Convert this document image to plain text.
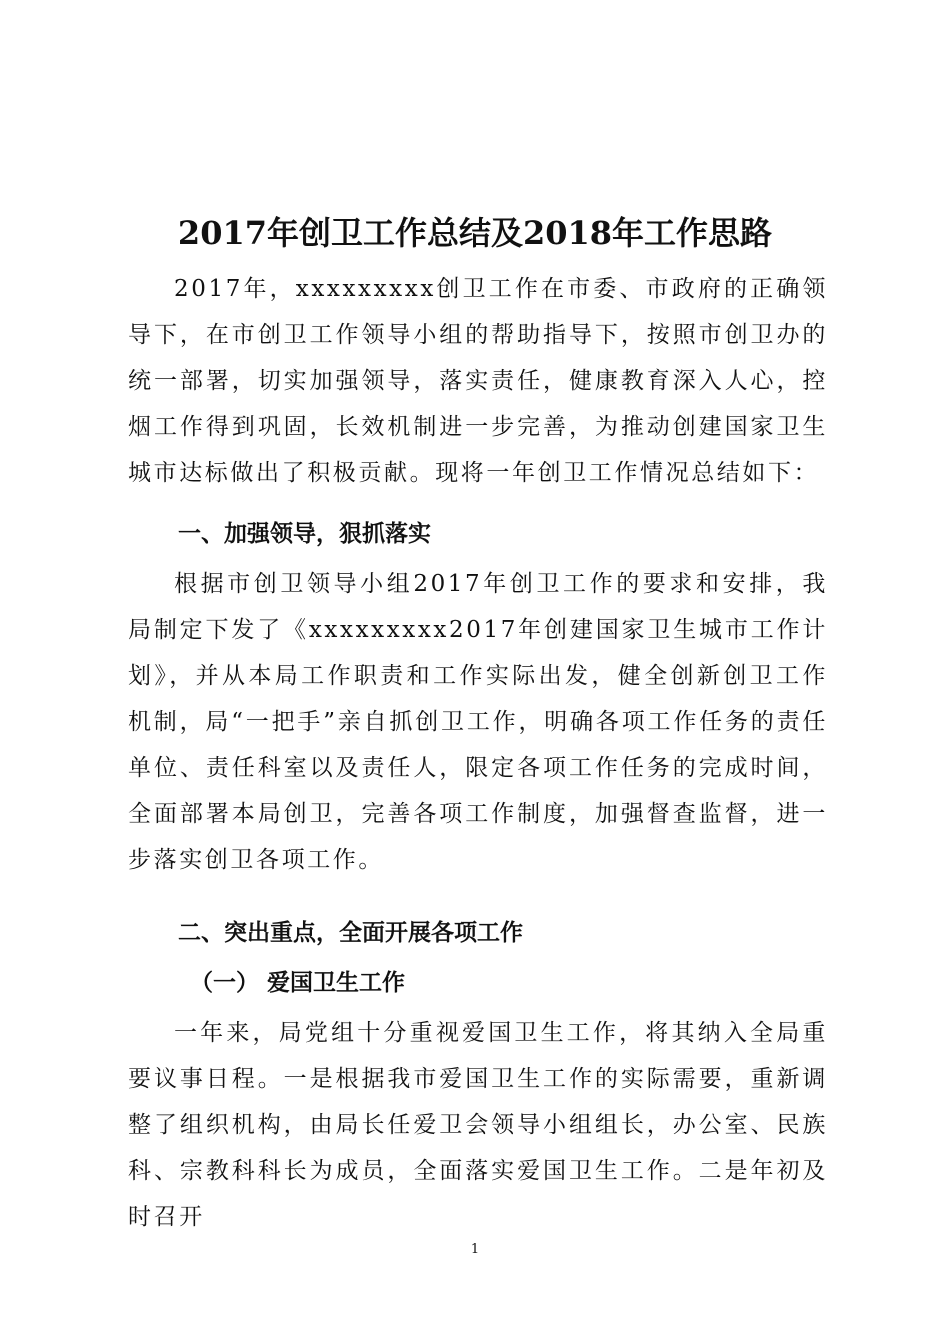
2017年创卫工作总结及2018年工作思路

2017年，xxxxxxxxx创卫工作在市委、市政府的正确领导下，在市创卫工作领导小组的帮助指导下，按照市创卫办的统一部署，切实加强领导，落实责任，健康教育深入人心，控烟工作得到巩固，长效机制进一步完善，为推动创建国家卫生城市达标做出了积极贡献。现将一年创卫工作情况总结如下：

一、加强领导，狠抓落实

根据市创卫领导小组2017年创卫工作的要求和安排，我局制定下发了《xxxxxxxxx2017年创建国家卫生城市工作计划》，并从本局工作职责和工作实际出发，健全创新创卫工作机制，局“一把手”亲自抓创卫工作，明确各项工作任务的责任单位、责任科室以及责任人，限定各项工作任务的完成时间，全面部署本局创卫，完善各项工作制度，加强督查监督，进一步落实创卫各项工作。

二、突出重点，全面开展各项工作
（一） 爱国卫生工作

一年来，局党组十分重视爱国卫生工作，将其纳入全局重要议事日程。一是根据我市爱国卫生工作的实际需要，重新调整了组织机构，由局长任爱卫会领导小组组长，办公室、民族科、宗教科科长为成员，全面落实爱国卫生工作。二是年初及时召开

1
